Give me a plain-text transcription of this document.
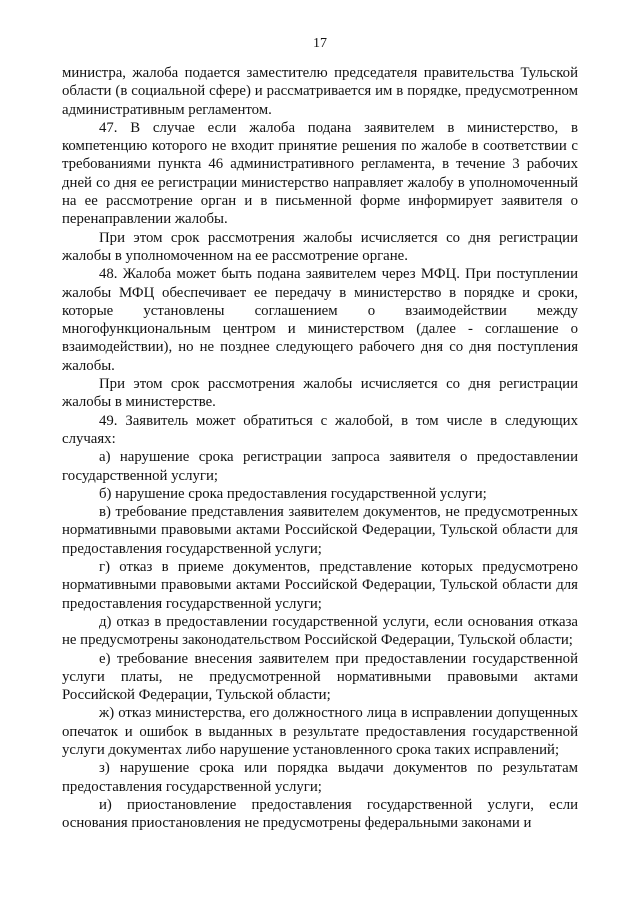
17

министра, жалоба подается заместителю председателя правительства Тульской области (в социальной сфере) и рассматривается им в порядке, предусмотренном административным регламентом.

47. В случае если жалоба подана заявителем в министерство, в компетенцию которого не входит принятие решения по жалобе в соответствии с требованиями пункта 46 административного регламента, в течение 3 рабочих дней со дня ее регистрации министерство направляет жалобу в уполномоченный на ее рассмотрение орган и в письменной форме информирует заявителя о перенаправлении жалобы.

При этом срок рассмотрения жалобы исчисляется со дня регистрации жалобы в уполномоченном на ее рассмотрение органе.

48. Жалоба может быть подана заявителем через МФЦ. При поступлении жалобы МФЦ обеспечивает ее передачу в министерство в порядке и сроки, которые установлены соглашением о взаимодействии между многофункциональным центром и министерством (далее - соглашение о взаимодействии), но не позднее следующего рабочего дня со дня поступления жалобы.

При этом срок рассмотрения жалобы исчисляется со дня регистрации жалобы в министерстве.

49. Заявитель может обратиться с жалобой, в том числе в следующих случаях:

а) нарушение срока регистрации запроса заявителя о предоставлении государственной услуги;

б) нарушение срока предоставления государственной услуги;

в) требование представления заявителем документов, не предусмотренных нормативными правовыми актами Российской Федерации, Тульской области для предоставления государственной услуги;

г) отказ в приеме документов, представление которых предусмотрено нормативными правовыми актами Российской Федерации, Тульской области для предоставления государственной услуги;

д) отказ в предоставлении государственной услуги, если основания отказа не предусмотрены законодательством Российской Федерации, Тульской области;

е) требование внесения заявителем при предоставлении государственной услуги платы, не предусмотренной нормативными правовыми актами Российской Федерации, Тульской области;

ж) отказ министерства, его должностного лица в исправлении допущенных опечаток и ошибок в выданных в результате предоставления государственной услуги документах либо нарушение установленного срока таких исправлений;

з) нарушение срока или порядка выдачи документов по результатам предоставления государственной услуги;

и) приостановление предоставления государственной услуги, если основания приостановления не предусмотрены федеральными законами и
